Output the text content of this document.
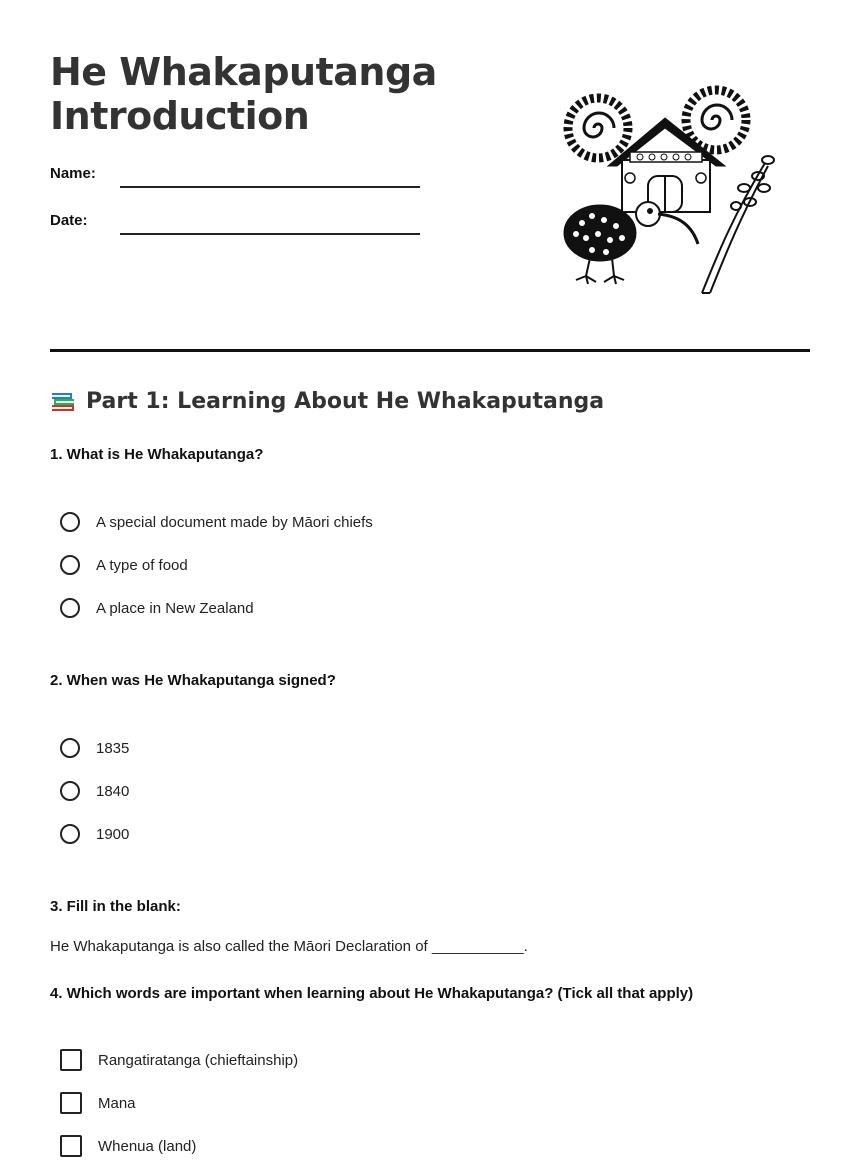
He Whakaputanga
Introduction
Name:
Date:
Part 1: Learning About He Whakaputanga
1. What is He Whakaputanga?
A special document made by Māori chiefs
A type of food
A place in New Zealand
2. When was He Whakaputanga signed?
1835
1840
1900
3. Fill in the blank:
He Whakaputanga is also called the Māori Declaration of ___________.
4. Which words are important when learning about He Whakaputanga? (Tick all that apply)
Rangatiratanga (chieftainship)
Mana
Whenua (land)
